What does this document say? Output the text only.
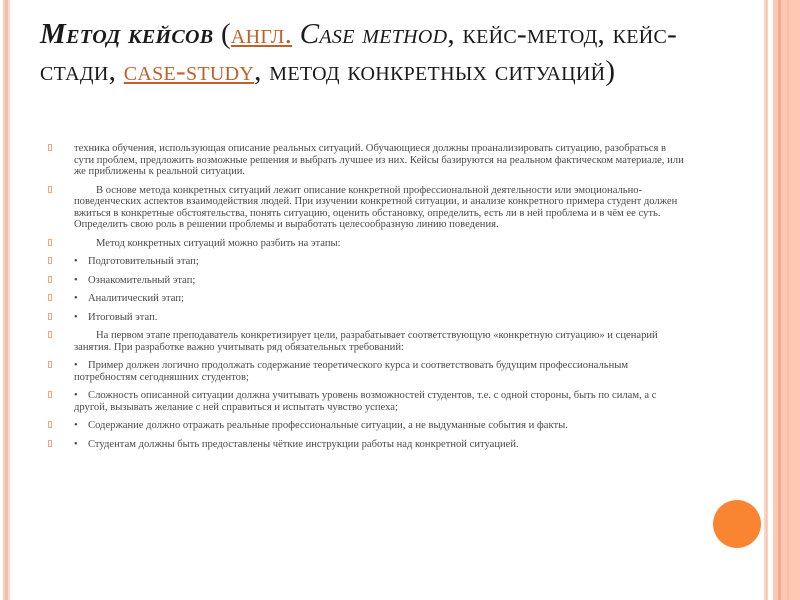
Метод кейсов (англ. Case method, кейс-метод, кейс-стади, case-study, метод конкретных ситуаций)
техника обучения, использующая описание реальных ситуаций. Обучающиеся должны проанализировать ситуацию, разобраться в сути проблем, предложить возможные решения и выбрать лучшее из них. Кейсы базируются на реальном фактическом материале, или же приближены к реальной ситуации.
В основе метода конкретных ситуаций лежит описание конкретной профессиональной деятельности или эмоционально-поведенческих аспектов взаимодействия людей. При изучении конкретной ситуации, и анализе конкретного примера студент должен вжиться в конкретные обстоятельства, понять ситуацию, оценить обстановку, определить, есть ли в ней проблема и в чём ее суть. Определить свою роль в решении проблемы и выработать целесообразную линию поведения.
Метод конкретных ситуаций можно разбить на этапы:
• Подготовительный этап;
• Ознакомительный этап;
• Аналитический этап;
• Итоговый этап.
На первом этапе преподаватель конкретизирует цели, разрабатывает соответствующую «конкретную ситуацию» и сценарий занятия. При разработке важно учитывать ряд обязательных требований:
• Пример должен логично продолжать содержание теоретического курса и соответствовать будущим профессиональным потребностям сегодняшних студентов;
• Сложность описанной ситуации должна учитывать уровень возможностей студентов, т.е. с одной стороны, быть по силам, а с другой, вызывать желание с ней справиться и испытать чувство успеха;
• Содержание должно отражать реальные профессиональные ситуации, а не выдуманные события и факты.
• Студентам должны быть предоставлены чёткие инструкции работы над конкретной ситуацией.
